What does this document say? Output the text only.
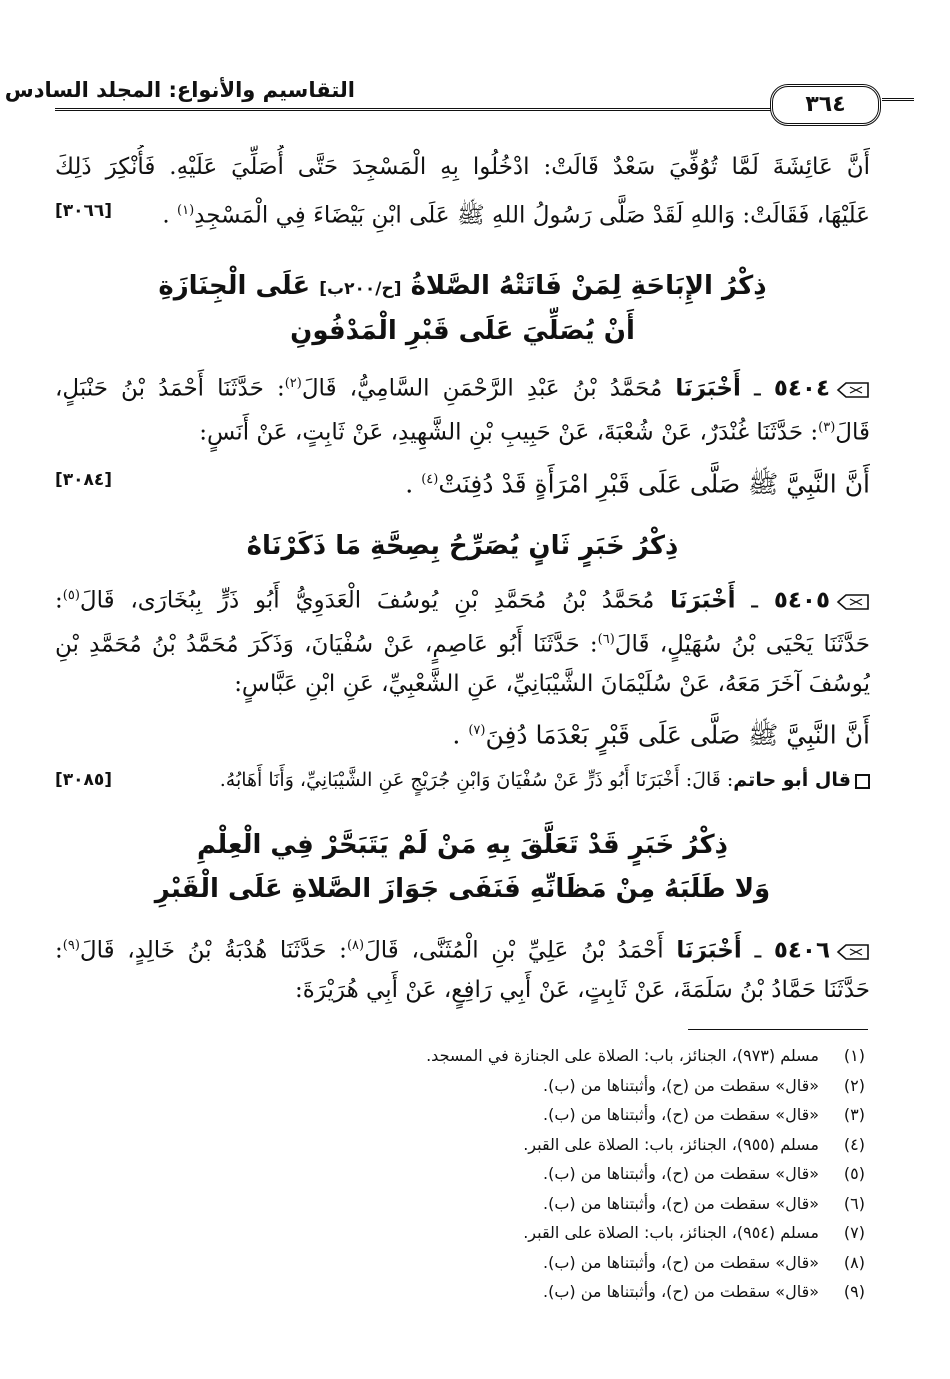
التقاسيم والأنواع: المجلد السادس
٣٦٤
أَنَّ عَائِشَةَ لَمَّا تُوُفِّيَ سَعْدٌ قَالَتْ: ادْخُلُوا بِهِ الْمَسْجِدَ حَتَّى أُصَلِّيَ عَلَيْهِ. فَأُنْكِرَ ذَلِكَ
عَلَيْهَا، فَقَالَتْ: وَاللهِ لَقَدْ صَلَّى رَسُولُ اللهِ ﷺ عَلَى ابْنِ بَيْضَاءَ فِي الْمَسْجِدِ$^{(١)}$ .
[٣٠٦٦]
ذِكْرُ الإِبَاحَةِ لِمَنْ فَاتَتْهُ الصَّلاةُ [ح/٢٠٠ب] عَلَى الْجِنَازَةِ
أَنْ يُصَلِّيَ عَلَى قَبْرِ الْمَدْفُونِ
٥٤٠٤ ـ أَخْبَرَنَا مُحَمَّدُ بْنُ عَبْدِ الرَّحْمَنِ السَّامِيُّ، قَالَ$^{(٢)}$: حَدَّثَنَا أَحْمَدُ بْنُ حَنْبَلٍ،
قَالَ$^{(٣)}$: حَدَّثَنَا غُنْدَرٌ، عَنْ شُعْبَةَ، عَنْ حَبِيبِ بْنِ الشَّهِيدِ، عَنْ ثَابِتٍ، عَنْ أَنَسٍ:
أَنَّ النَّبِيَّ ﷺ صَلَّى عَلَى قَبْرِ امْرَأَةٍ قَدْ دُفِنَتْ$^{(٤)}$ .
[٣٠٨٤]
ذِكْرُ خَبَرٍ ثَانٍ يُصَرِّحُ بِصِحَّةِ مَا ذَكَرْنَاهُ
٥٤٠٥ ـ أَخْبَرَنَا مُحَمَّدُ بْنُ مُحَمَّدِ بْنِ يُوسُفَ الْعَدَوِيُّ أَبُو ذَرٍّ بِبُخَارَى، قَالَ$^{(٥)}$:
حَدَّثَنَا يَحْيَى بْنُ سُهَيْلٍ، قَالَ$^{(٦)}$: حَدَّثَنَا أَبُو عَاصِمٍ، عَنْ سُفْيَانَ، وَذَكَرَ مُحَمَّدُ بْنُ مُحَمَّدِ بْنِ
يُوسُفَ آخَرَ مَعَهُ، عَنْ سُلَيْمَانَ الشَّيْبَانِيِّ، عَنِ الشَّعْبِيِّ، عَنِ ابْنِ عَبَّاسٍ:
أَنَّ النَّبِيَّ ﷺ صَلَّى عَلَى قَبْرٍ بَعْدَمَا دُفِنَ$^{(٧)}$ .
قال أبو حاتم: قَالَ: أَخْبَرَنَا أَبُو ذَرٍّ عَنْ سُفْيَانَ وَابْنِ جُرَيْجٍ عَنِ الشَّيْبَانِيِّ، وَأَنَا أَهَابُهُ.
[٣٠٨٥]
ذِكْرُ خَبَرٍ قَدْ تَعَلَّقَ بِهِ مَنْ لَمْ يَتَبَحَّرْ فِي الْعِلْمِ
وَلا طَلَبَهُ مِنْ مَظَانِّهِ فَنَفَى جَوَازَ الصَّلاةِ عَلَى الْقَبْرِ
٥٤٠٦ ـ أَخْبَرَنَا أَحْمَدُ بْنُ عَلِيِّ بْنِ الْمُثَنَّى، قَالَ$^{(٨)}$: حَدَّثَنَا هُدْبَةُ بْنُ خَالِدٍ، قَالَ$^{(٩)}$:
حَدَّثَنَا حَمَّادُ بْنُ سَلَمَةَ، عَنْ ثَابِتٍ، عَنْ أَبِي رَافِعٍ، عَنْ أَبِي هُرَيْرَةَ:
(١)مسلم (٩٧٣)، الجنائز، باب: الصلاة على الجنازة في المسجد.
(٢)«قال» سقطت من (ح)، وأثبتناها من (ب).
(٣)«قال» سقطت من (ح)، وأثبتناها من (ب).
(٤)مسلم (٩٥٥)، الجنائز، باب: الصلاة على القبر.
(٥)«قال» سقطت من (ح)، وأثبتناها من (ب).
(٦)«قال» سقطت من (ح)، وأثبتناها من (ب).
(٧)مسلم (٩٥٤)، الجنائز، باب: الصلاة على القبر.
(٨)«قال» سقطت من (ح)، وأثبتناها من (ب).
(٩)«قال» سقطت من (ح)، وأثبتناها من (ب).
